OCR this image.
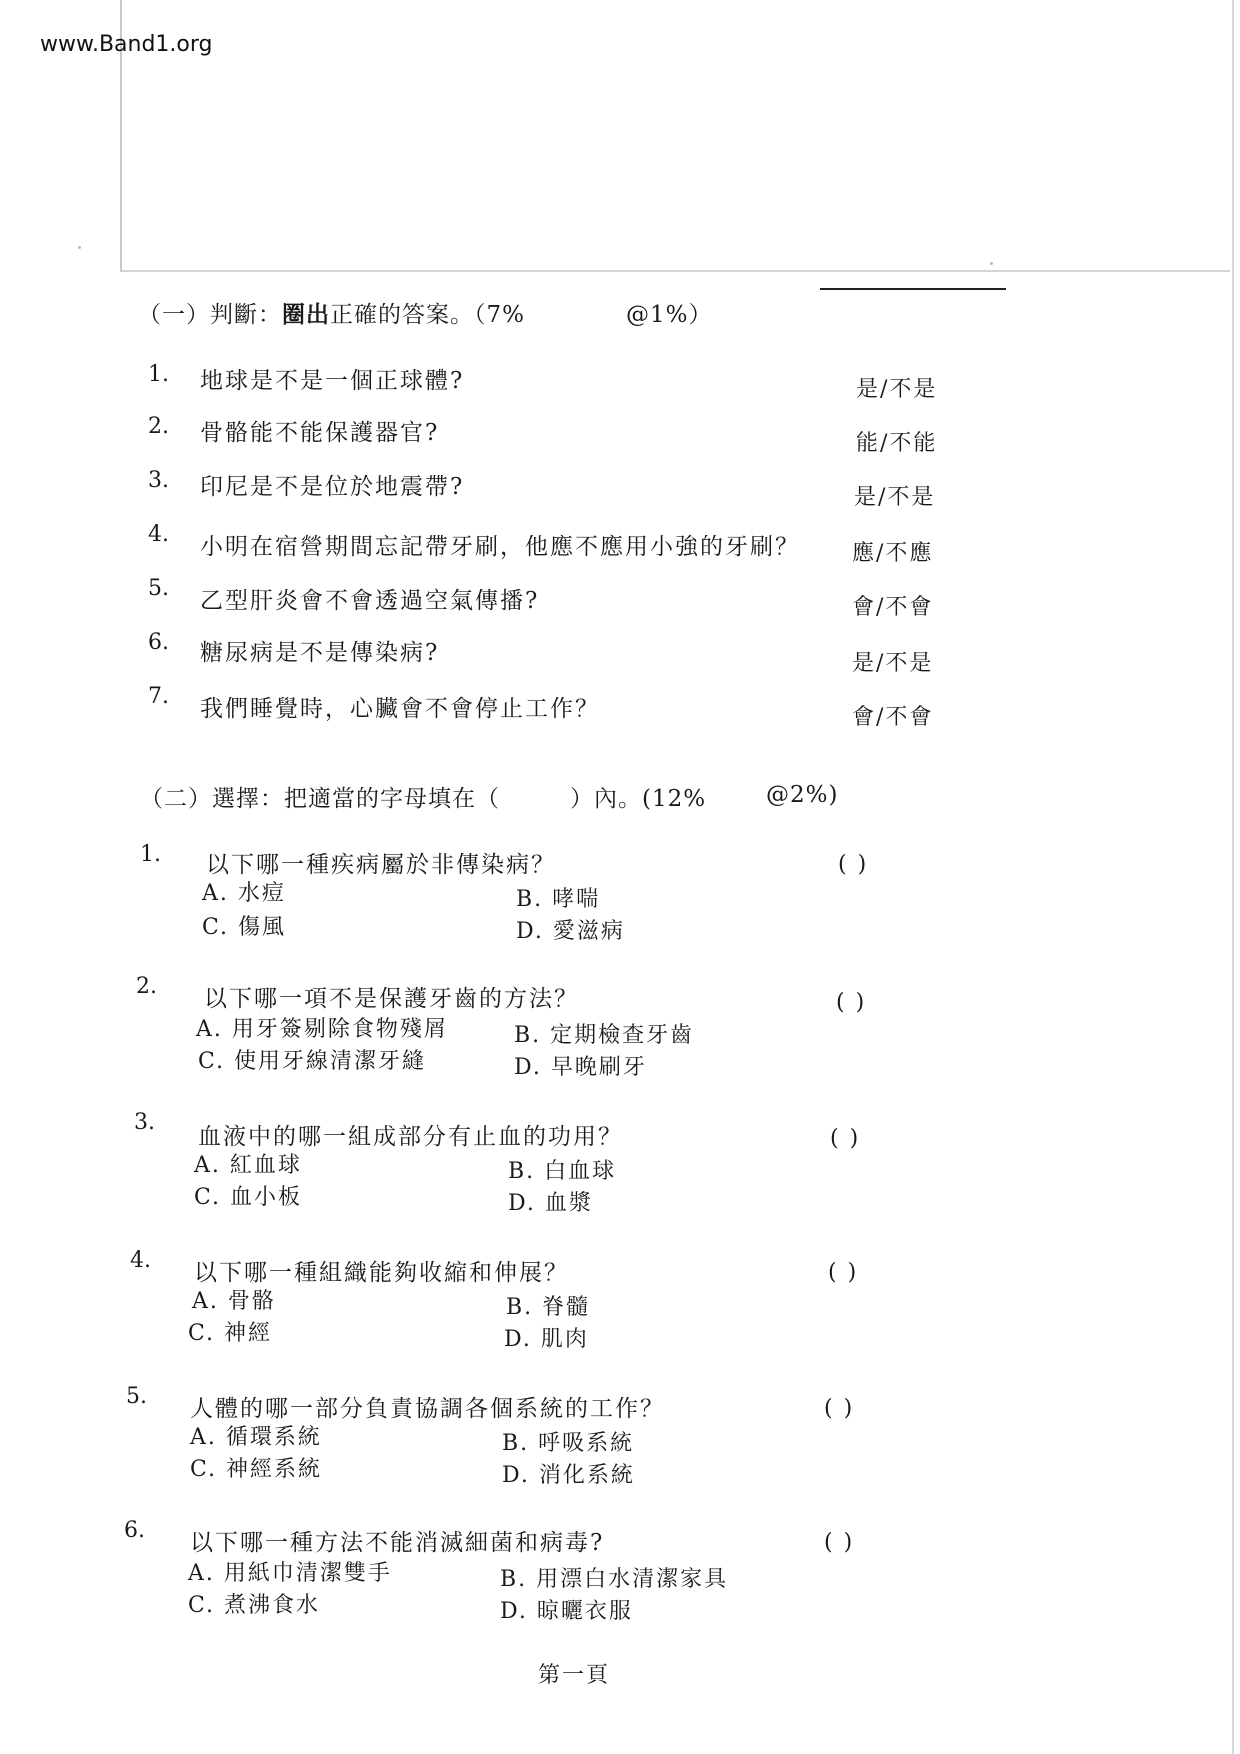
www.Band1.org
（一）判斷：圈出正確的答案。（7%	@1%）
1. 地球是不是一個正球體?	是/不是
2. 骨骼能不能保護器官?	能/不能
3. 印尼是不是位於地震帶?	是/不是
4. 小明在宿營期間忘記帶牙刷，他應不應用小強的牙刷？ 應/不應
5. 乙型肝炎會不會透過空氣傳播?	會/不會
6. 糖尿病是不是傳染病?	是/不是
7. 我們睡覺時，心臟會不會停止工作？	會/不會
（二）選擇：把適當的字母填在（	）內。(12%	@2%)
1. 以下哪一種疾病屬於非傳染病？	( )
A. 水痘	B. 哮喘
C. 傷風	D. 愛滋病
2. 以下哪一項不是保護牙齒的方法？	( )
A. 用牙簽剔除食物殘屑	B. 定期檢查牙齒
C. 使用牙線清潔牙縫	D. 早晚刷牙
3.
血液中的哪一組成部分有止血的功用？	( )
A. 紅血球	B. 白血球
C. 血小板	D. 血漿
4. 以下哪一種組織能夠收縮和伸展？	( )
A. 骨骼	B. 脊髓
C. 神經	D. 肌肉
5. 人體的哪一部分負責協調各個系統的工作？	( )
A. 循環系統	B. 呼吸系統
C. 神經系統	D. 消化系統
6. 以下哪一種方法不能消滅細菌和病毒?	( )
A. 用紙巾清潔雙手	B. 用漂白水清潔家具
C. 煮沸食水	D. 晾曬衣服
第一頁
